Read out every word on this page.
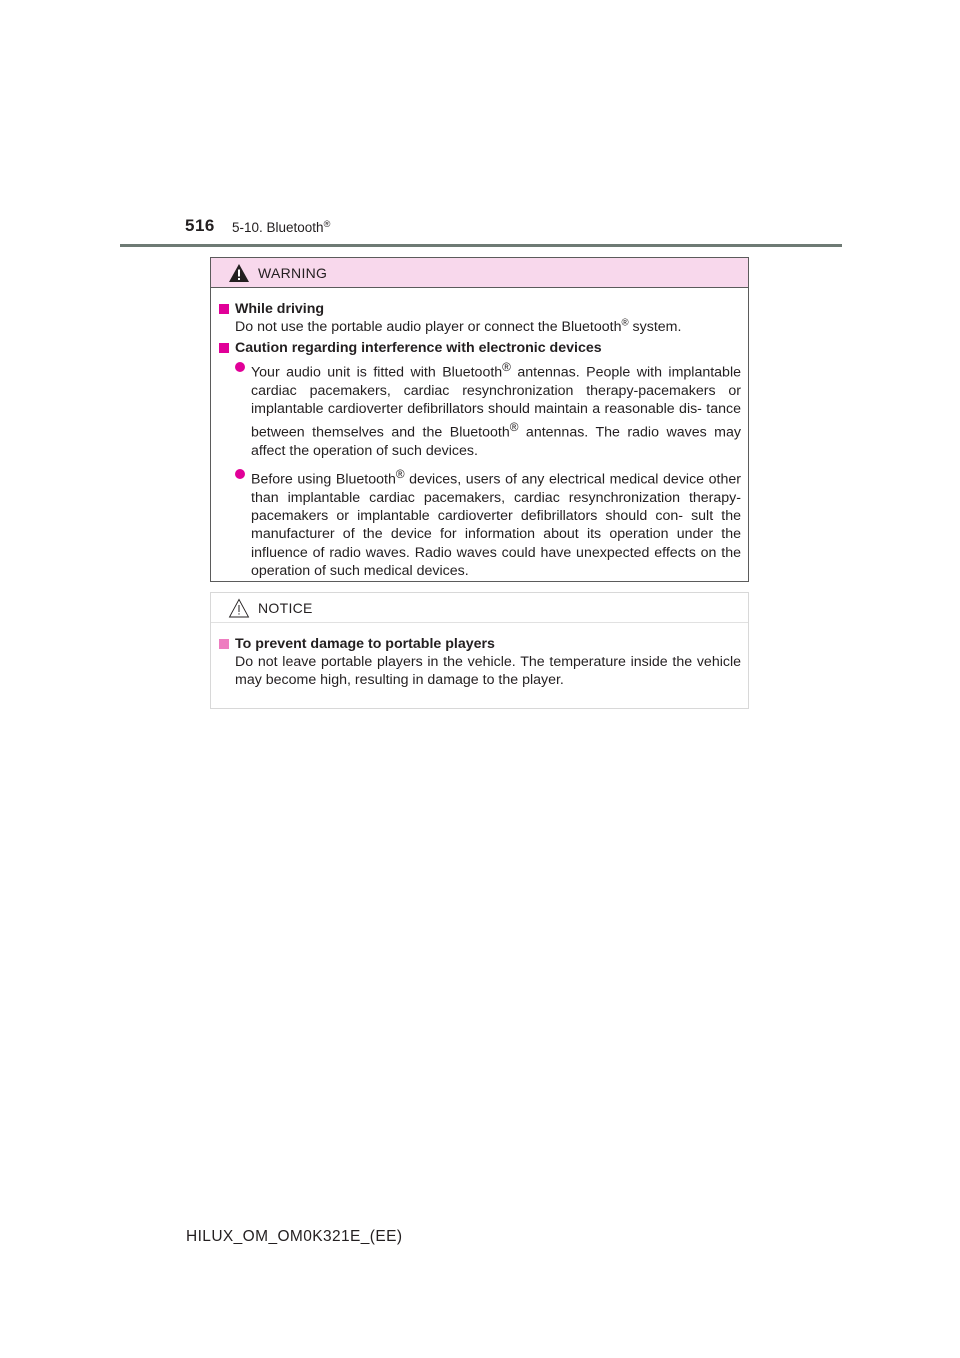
516 5-10. Bluetooth®
WARNING
While driving
Do not use the portable audio player or connect the Bluetooth® system.
Caution regarding interference with electronic devices
Your audio unit is fitted with Bluetooth® antennas. People with implantable cardiac pacemakers, cardiac resynchronization therapy-pacemakers or implantable cardioverter defibrillators should maintain a reasonable dis- tance between themselves and the Bluetooth® antennas. The radio waves may affect the operation of such devices.
Before using Bluetooth® devices, users of any electrical medical device other than implantable cardiac pacemakers, cardiac resynchronization therapy-pacemakers or implantable cardioverter defibrillators should con- sult the manufacturer of the device for information about its operation under the influence of radio waves. Radio waves could have unexpected effects on the operation of such medical devices.
NOTICE
To prevent damage to portable players
Do not leave portable players in the vehicle. The temperature inside the vehicle may become high, resulting in damage to the player.
HILUX_OM_OM0K321E_(EE)
